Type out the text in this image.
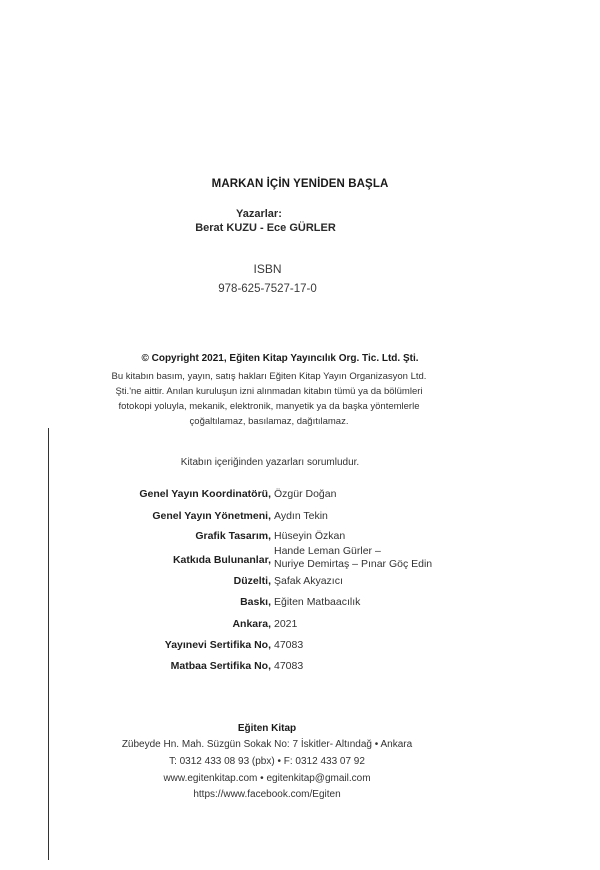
MARKAN İÇİN YENİDEN BAŞLA
Yazarlar:
Berat KUZU - Ece GÜRLER
ISBN
978-625-7527-17-0
© Copyright 2021, Eğiten Kitap Yayıncılık Org. Tic. Ltd. Şti.
Bu kitabın basım, yayın, satış hakları Eğiten Kitap Yayın Organizasyon Ltd.
Şti.'ne aittir. Anılan kuruluşun izni alınmadan kitabın tümü ya da bölümleri
fotokopi yoluyla, mekanik, elektronik, manyetik ya da başka yöntemlerle
çoğaltılamaz, basılamaz, dağıtılamaz.
Kitabın içeriğinden yazarları sorumludur.
Genel Yayın Koordinatörü, Özgür Doğan
Genel Yayın Yönetmeni, Aydın Tekin
Grafik Tasarım, Hüseyin Özkan
Katkıda Bulunanlar,
Hande Leman Gürler –
Nuriye Demirtaş – Pınar Göç Edin
Düzelti, Şafak Akyazıcı
Baskı, Eğiten Matbaacılık
Ankara, 2021
Yayınevi Sertifika No, 47083
Matbaa Sertifika No, 47083
Eğiten Kitap
Zübeyde Hn. Mah. Süzgün Sokak No: 7 İskitler- Altındağ • Ankara
T: 0312 433 08 93 (pbx) • F: 0312 433 07 92
www.egitenkitap.com • egitenkitap@gmail.com
https://www.facebook.com/Egiten
